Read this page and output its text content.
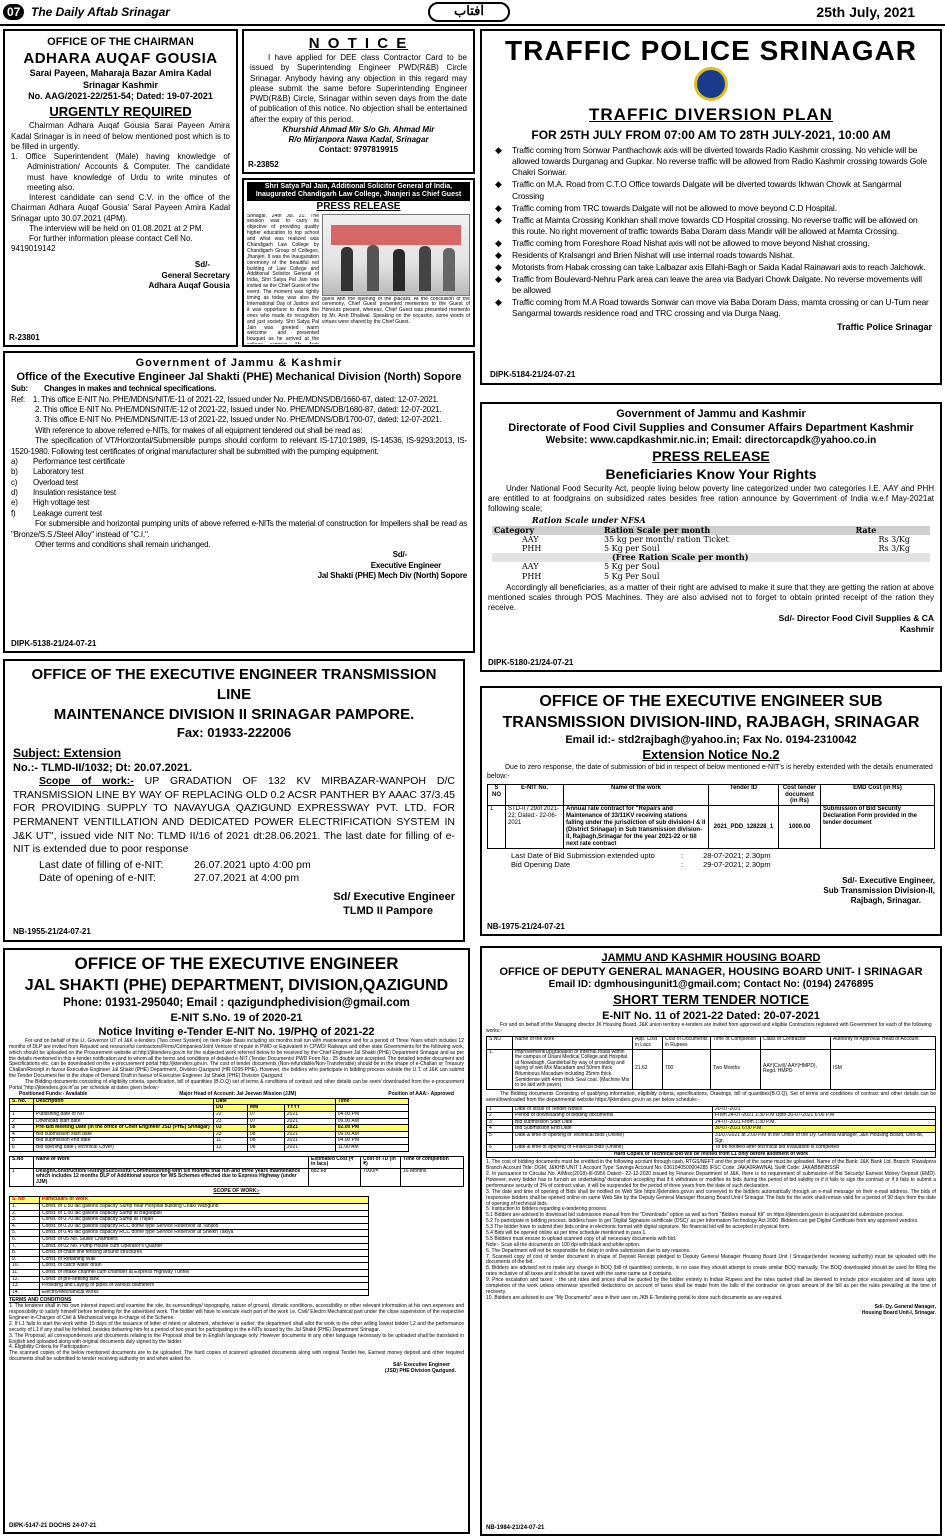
07 The Daily Aftab Srinagar	آفتاب	25th July, 2021
OFFICE OF THE CHAIRMAN
ADHARA AUQAF GOUSIA
Sarai Payeen, Maharaja Bazar Amira Kadal
Srinagar Kashmir
No. AAG/2021-22/251-54; Dated: 19-07-2021
URGENTLY REQUIRED
Chairman Adhara Auqaf Gousia Sarai Payeen Amira Kadal Srinagar is in need of below mentioned post which is to be filled in urgently.
1. Office Superintendent (Male) having knowledge of Administration/ Accounts & Computer. The candidate must have knowledge of Urdu to write minutes of meeting also.
Interest candidate can send C.V. in the office of the Chairman Adhara Auqaf Gousia' Sarai Payeen Amira Kadal Srinagar upto 30.07.2021 (4PM).
The interview will be held on 01.08.2021 at 2 PM.
For further information please contact Cell No. 9419019142
Sd/-
General Secretary
Adhara Auqaf Gousia
R-23801
N O T I C E
I have applied for DEE class Contractor Card to be issued by Superintending Engineer PWD(R&B) Circle Srinagar. Anybody having any objection in this regard may please submit the same before Superintending Engineer PWD(R&B) Circle, Srinagar within seven days from the date of publication of this notice. No objection shall be entertained after the expiry of this period.
Khurshid Ahmad Mir S/o Gh. Ahmad Mir
R/o Mirjanpora Nawa Kadal, Srinagar
Contact: 9797819915
R-23852
Shri Satya Pal Jain, Additional Solicitor General of India,
Inaugurated Chandigarh Law College, Jhanjeri as Chief Guest
PRESS RELEASE
Srinagar, 24th Jul. 21: The session was to carry its objective of providing quality higher education to top school and what was realized was Chandigarh Law College by Chandigarh Group of Colleges, Jhanjeri. It was the inauguration ceremony of the beautiful red building of Law College and Additional Solicitor General of India, Shri Satya Pal Jain was invited as the Chief Guest of the event. The moment was rightly timing as today was also the International Day of Justice and it was opportune to thank the ones who made its recognition and just society. Shri Satya Pal Jain was greeted warm welcome and presented bouquet as he arrived at the
guest with the opening of the placard. At the conclusion of the ceremony, Chief Guest presented mementos to the Guest of Honours present, whereas, Chief Guest was presented memento by Mr. Arsh Dhaliwal. Speaking on the occasion, some words of virtues were shared by the Chief Guest.
TRAFFIC POLICE SRINAGAR
TRAFFIC DIVERSION PLAN
FOR 25TH JULY FROM 07:00 AM TO 28TH JULY-2021, 10:00 AM
◆ Traffic coming from Sonwar Panthachowk axis will be diverted towards Radio Kashmir crossing. No vehicle will be allowed towards Durganag and Gupkar. No reverse traffic will be allowed from Radio Kashmir crossing towards Gole Chakri Sonwar.
◆ Traffic on M.A. Road from C.T.O Office towards Dalgate will be diverted towards Ikhwan Chowk at Sangarmal Crossing
◆ Traffic coming from TRC towards Dalgate will not be allowed to move beyond C.D Hospital.
◆ Traffic at Mamta Crossing Konkhan shall move towards CD Hospital crossing. No reverse traffic will be allowed on this route. No right movement of traffic towards Baba Daram dass Mandir will be allowed at Mamta Crossing.
◆ Traffic coming from Foreshore Road Nishat axis will not be allowed to move beyond Nishat crossing.
◆ Residents of Kralsangri and Brien Nishat will use internal roads towards Nishat.
◆ Motorists from Habak crossing can take Lalbazar axis Ellahi-Bagh or Saida Kadal Rainawari axis to reach Jalchowk.
◆ Traffic from Boulevard-Nehru Park area can leave the area via Badyari Chowk Dalgate. No reverse movements will be allowed
◆ Traffic coming from M.A Road towards Sonwar can move via Baba Doram Dass, mamta crossing or can U-Turn near Sangarmal towards residence road and TRC crossing and via Durga Naag.
Traffic Police Srinagar
DIPK-5184-21/24-07-21
Government of Jammu & Kashmir
Office of the Executive Engineer Jal Shakti (PHE) Mechanical Division (North) Sopore
Sub: Changes in makes and technical specifications.
Ref: 1. This office E-NIT No. PHE/MDNS/NIT/E-11 of 2021-22, Issued under No. PHE/MDNS/DB/1660-67, dated: 12-07-2021.
2. This office E-NIT No. PHE/MDNS/NIT/E-12 of 2021-22, Issued under No. PHE/MDNS/DB/1680-87, dated: 12-07-2021.
3. This office E-NIT No. PHE/MDNS/NIT/E-13 of 2021-22, Issued under No. PHE/MDNS/DB/1700-07, dated: 12-07-2021.
With reference to above referred e-NITs, for makes of all equipment tendered out shall be read as:
The specification of VT/Horizontal/Submersible pumps should conform to relevant IS-1710:1989, IS-14536, IS-9293:2013, IS-1520-1980. Following test certificates of original manufacturer shall be submitted with the pumping equipment.
a) Performance test certificate
b) Laboratory test
c) Overload test
d) Insulation resistance test
e) High voltage test
f) Leakage current test
For submersible and horizontal pumping units of above referred e-NITs the material of construction for Impellers shall be read as "Bronze/S.S./Steel Alloy" instead of "C.I.".
Other terms and conditions shall remain unchanged.
Sd/-
Executive Engineer
Jal Shakti (PHE) Mech Div (North) Sopore
DIPK-5138-21/24-07-21
Government of Jammu and Kashmir
Directorate of Food Civil Supplies and Consumer Affairs Department Kashmir
Website: www.capdkashmir.nic.in; Email: directorcapdk@yahoo.co.in
PRESS RELEASE
Beneficiaries Know Your Rights
Under National Food Security Act, people living below poverty line categorized under two categories I.E. AAY and PHH are entitled to at foodgrains on subsidized rates besides free ration announce by Government of India w.e.f May-2021at following scale;
Ration Scale under NFSA
Category	Ration Scale per month	Rate
AAY	35 kg per month/ ration Ticket	Rs 3/Kg
PHH	5 Kg per Soul	Rs 3/Kg
(Free Ration Scale per month)		
AAY	5 Kg per Soul	
PHH	5 Kg Per Soul	
Accordingly all beneficiaries, as a matter of their right are advised to make it sure that they are getting the ration at above mentioned scales through POS Machines. They are also advised not to forget to obtain printed receipt of the ration they receive.
Sd/- Director Food Civil Supplies & CA
Kashmir
DIPK-5180-21/24-07-21
OFFICE OF THE EXECUTIVE ENGINEER TRANSMISSION LINE
MAINTENANCE DIVISION II SRINAGAR PAMPORE.
Fax: 01933-222006
Subject: Extension
No.:- TLMD-II/1032; Dt: 20.07.2021.
Scope of work:- UP GRADATION OF 132 KV MIRBAZAR-WANPOH D/C TRANSMISSION LINE BY WAY OF REPLACING OLD 0.2 ACSR PANTHER BY AAAC 37/3.45 FOR PROVIDING SUPPLY TO NAVAYUGA QAZIGUND EXPRESSWAY PVT. LTD. FOR PERMANENT VENTILLATION AND DEDICATED POWER ELECTRIFICATION SYSTEM IN J&K UT", issued vide NIT No: TLMD II/16 of 2021 dt:28.06.2021. The last date for filling of e-NIT is extended due to poor response
Last date of filling of e-NIT:	26.07.2021 upto 4:00 pm
Date of opening of e-NIT:	27.07.2021 at 4:00 pm
Sd/ Executive Engineer
TLMD II Pampore
NB-1955-21/24-07-21
OFFICE OF THE EXECUTIVE ENGINEER SUB
TRANSMISSION DIVISION-IIND, RAJBAGH, SRINAGAR
Email id:- std2rajbagh@yahoo.in; Fax No. 0194-2310042
Extension Notice No.2
Due to zero response, the date of submission of bid in respect of below mentioned e-NIT's is hereby extended with the details enumerated below:-
S NO	E-NIT No.	Name of the work	Tender ID	Cost tender document (in Rs)	EMD Cost (in Rs)
1	STD-II / 29of 2021-22; Dated:- 22-06-2021	Annual rate contract for "Repairs and Maintenance of 33/11KV receiving stations falling under the jurisdiction of sub division-I & II (District Srinagar) in Sub transmission division-II, Rajbagh,Srinagar for the year 2021-22 or till next rate contract	2021_PDD_128228_1	1000.00	Submission of Bid Security Declaration Form provided in the tender document
Last Date of Bid Submission extended upto	:	28-07-2021; 2.30pm
Bid Opening Date	:	29-07-2021; 2.30pm
Sd/- Executive Engineer,
Sub Transmission Division-II,
Rajbagh, Srinagar.
NB-1975-21/24-07-21
OFFICE OF THE EXECUTIVE ENGINEER
JAL SHAKTI (PHE) DEPARTMENT, DIVISION,QAZIGUND
Phone: 01931-295040; Email : qazigundphedivision@gmail.com
E-NIT S.No. 19 of 2020-21
Notice Inviting e-Tender E-NIT No. 19/PHQ of 2021-22
For and on behalf of the Lt. Governor UT of J&K e-tenders (Two cover System) on Item Rate Basis including six months trail run with maintenance and for a period of Three Years which includes 12 months of DLP are invited from Reputed and resourceful contractors/Firms/Companies/Joint Venture of repute in PWD or Equivalent in CPWD/ Railways and other state Governments for the following work, which should be uploaded on the Procurement website at http://jktenders.gov.in for the subjected work referred below to be received by the Chief Engineer Jal Shakti (PHE) Department Srinagar and as per the details mentioned in this e-tender notification and to whom all the terms and conditions of detailed e-NIT (Tender Documents/ PWD Form No.: 25 double are accepted. The detailed tender document and Specifications etc. can be downloaded on the e-procurement portal http://jktenders.gov.in. The cost of tender documents (Non-refundable/Non-Transferable) should be in the shape of e-Challan or Treasury Challan/Receipt in favour Executive Engineer Jal Shakti (PHE) Department, Division Qazigund (HR 0295-PHE). However, the bidders who participate in bidding process outside the U.T. of J&K can submit the Tender Document fee in the shape of Demand Draft in favour of Executive Engineer Jal Shakti (PHE) Division Qazigund.
The Bidding documents consisting of eligibility criteria, specification, bill of quantities (B.O.Q) set of terms & conditions of contract and other details can be seen/ downloaded from the e-procurement Portal "http://jktenders.gov.in"as per schedule at dates given below:-
Positioned Funds:- Available	Major Head of Account: Jal Jeevan Mission (JJM)	Position of AAA:- Approved
S. No.	Description	Date			Time
		DD	MM	YYYY	
1	Publishing date of NIT	22	07	2021	04.00 PM
2	Download start date	23	07	2021	09.00 AM
3	Pre-Bid Meeting Date (In the office of Chief Engineer JSD (PHE) Srinagar)	03	08	2021	02.00 PM
4	Bid submission start date	23	08	2021	09.00 AM
5	Bid submission end date	11	08	2021	04.00 PM
6	Bid opening date (Technical Cover)	12	08	2021	11.00 AM
S.No	Name of Work	Estimated Cost (₹ in lacs)	Cost of TD (in ₹)	Time of completion
1	Design/Construction/Testing/Successful Commissioning with six months trial run and three years maintenance which includes 12 months DLP of Additional source for WS Schemes effected due to Express Highway (under JJM)	882.68	7000/=	16 Months
SCOPE OF WORK:-
S. No	Particulars of Work
1.	Const. of 1.50 lac gallons capacity Sump near Hospital building Chaki Wangund
2.	Const. of 1.00 lac gallons capacity Sump at Bagadpati
3.	Const. of 0.70 lac gallons capacity Sump at Trajan
4.	Const. of 0.20 lac gallons capacity RCC dome type Service Reservoir at Tanjloo
5.	Const. of 0.45 lac gallons capacity RCC dome type Service Reservoir at Sheikh Takiya
6.	Const. of 05 No. Sluice Chambers
7.	Const. of 02 No. Pump House cum Operator's Quarter
8.	Const. of chain link fencing around structures
9.	Const. of Retaining Wall
10.	Const. of catch water drain
11.	Const. of intake channel cum chamber at Express Highway Tunnel
12.	Const. of pre-settling tank
13.	Providing and Laying of pipes of various diameters
14.	Electro/Mechanical works
TERMS AND CONDITIONS
1. The tenderer shall in his own interest inspect and examine the site, its surroundings/ topography, nature of ground, climatic conditions, accessibility or other relevant information at his own expenses and responsibility to satisfy himself before tendering for the advertised work. The bidder will have to execute each part of the work i.e. Civil/ Electro Mechanical part under the close supervision of the respective Engineer-in-Charges of Civil & Mechanical wings In-charge of the Scheme.
2. If L1 fails to start the work within 15 days of the issuance of letter of intent or allotment, whichever is earlier, the department shall allot the work to the other willing lowest bidder L2 and the performance security of L1 if any shall be forfeited, besides debarring him for a period of two years for participating in the e-NITs issued by the Jal Shakti (PHE) Department Srinagar.
3. The Proposal, all correspondences and documents relating to the Proposal shall be in English language only. However documents in any other language necessary to be uploaded shall be translated in English and uploaded along with original documents duly signed by the bidder.
4. Eligibility Criteria for Participation:-
The scanned copies of the below mentioned documents are to be uploaded. The hard copies of scanned uploaded documents along with original Tender fee, Earnest money deposit and other required documents shall be submitted to tender receiving authority on and when asked for.
Sd/- Executive Engineer
(JSD) PHE Division Qazigund.
DIPK-5147-21 DOCHS 24-07-21
JAMMU AND KASHMIR HOUSING BOARD
OFFICE OF DEPUTY GENERAL MANAGER, HOUSING BOARD UNIT- I SRINAGAR
Email ID: dgmhousingunit1@gmail.com; Contact No: (0194) 2476895
SHORT TERM TENDER NOTICE
E-NIT No. 11 of 2021-22 Dated: 20-07-2021
For and on behalf of the Managing director JK Housing Board, J&K union territory e-tenders are invited from approved and eligible Contractors registered with Government for each of the following works:-
S.NO	Name of the work	App. Cost in Lacs	Cost of Documents in Rupees	Time of Completion	Class of Contractor	Authority of Approval/ Head of Account
1.	Improvement/Upgradation of Internal roads within the campus of Unani Medical College and Hospital at Nowabagh, Ganderbal by way of providing and laying of wet Mix Macadam and 50mm thick Bituminous Macadam including 25mm thick Semidense with 4mm thick Seal coat. (Machine Mix to be laid with paver).	21.62	700	Two Months	AAY(Civil)/ AAY(HMPD), Regd. HMPD	ISM
The Bidding documents Consisting of qualifying information, eligibility criteria, specifications, Drawings, bill of quantities(B.O.Q), Set of terms and conditions of contract and other details can be seen/downloaded from the departmental website https://jktenders.gov.in as per below schedule:-
1	Date of Issue of Tender Notice	20-07-2021
2	Period of downloading of bidding documents	From 24-07-2021 1:30 P.M Upto 30-07-2021 6:00 P.M
3	Bid submission Start Date	24-07-2021 From 1:30 P.M.
4	Bid Submission End Date	30-07-2021 6:00 P.M.
5	Date & time of opening of Technical Bids (Online)	31/07/2021 at 2:00 P.M in the Office of the Dy. General Manager, J&K Housing Board, Unit-Ist, Sgr.
6	Date & time of opening of Financial Bids (Online)	To be notified after technical bid evaluation is completed
Hard Copies of Technical Bid will be invited from L1 only before allotment of work		
1. The cost of bidding documents must be credited in the following account through cash, RTGS/NEFT and the proof of the same must be uploaded. Name of the Bank: J&K Bank Ltd. Branch: Rawalpora Branch Account Title: DGM, J&KHB UNIT 1 Account Type: Savings Account No. 0361040500004285 IFSC Code: JAKA0RAWNAL Swift Code: JAKABBINBSSR
2. In pursuance to Circular No. A/Misc(2018)-III-095/I Dated:- 22-12-2020 issued by Finance Department of J&K, there is no requirement of submission of Bid Security/ Earnest Money Deposit (EMD). However, every bidder has to furnish an undertaking/ declaration accepting that if it withdraws or modifies its bids during the period of bid validity or if it fails to sign the contract or if it fails to submit a performance security of 3% of contract value, it will be suspended for the period of three years from the date of such declaration.
3. The date and time of opening of Bids shall be notified on Web Site https://jktenders.gov.in and conveyed to the bidders automatically through an e-mail message on their e-mail address. The bids of responsive bidders shall be opened online on same Web Site by the Deputy General Manager Housing Board Unit-I Srinagar. The bids for the work shall remain valid for a period of 90 days from the date of opening of technical bids.
5. Instruction to bidders regarding e-tendering process.
5.1 Bidders are advised to download bid submission manual from the "Downloads" option as well as from "Bidders manual Kit" on https://jktenders.gov.in to acquaint bid submission process.
5.2 To participate in bidding process, bidders have to get 'Digital Signature certificate (DSC)' as per Information Technology Act 2000. Bidders can get Digital Certificate from any approved vendors.
5.3 The bidder have to submit their bids online in electronic format with digital signature. No financial bid will be accepted in physical form.
5.4 Bids will be opened online as per time schedule mentioned in para 1.
5.5 Bidders must ensure to upload scanned copy of all necessary documents with bid.
Note:- Scan all the documents on 100 dpi with black and white option.
6. The Department will not be responsible for delay in online submission due to any reasons.
7. Scanned copy of cost of tender document in shape of Deposit Receipt pledged to Deputy General Manager Housing Board Unit I Srinagar(tender receiving authority) must be uploaded with the documents of the bid.
8. Bidders are advised not to make any change in BOQ (bill of quantities) contents, in no case they should attempt to create similar BOQ manually. The BOQ downloaded should be used for filling the rates inclusive of all taxes and it should be saved with the same name as it contains.
9. Price escalation and taxes: - the unit rates and prices shall be quoted by the bidder entirely in Indian Rupees and the rates quoted shall be deemed to include price escalation and all taxes upto completion of the work unless otherwise specified deductions on account of taxes shall be made from the bills of the contractor on gross amount of the bill as per the rules prevailing at the time of recovery.
10. Bidders are advised to use "My Documents" area in their user on JKB E-Tendering portal to store such documents as are required.
Sd/- Dy. General Manager,
Housing Board Unit-I, Srinagar.
NB-1984-21/24-07-21
